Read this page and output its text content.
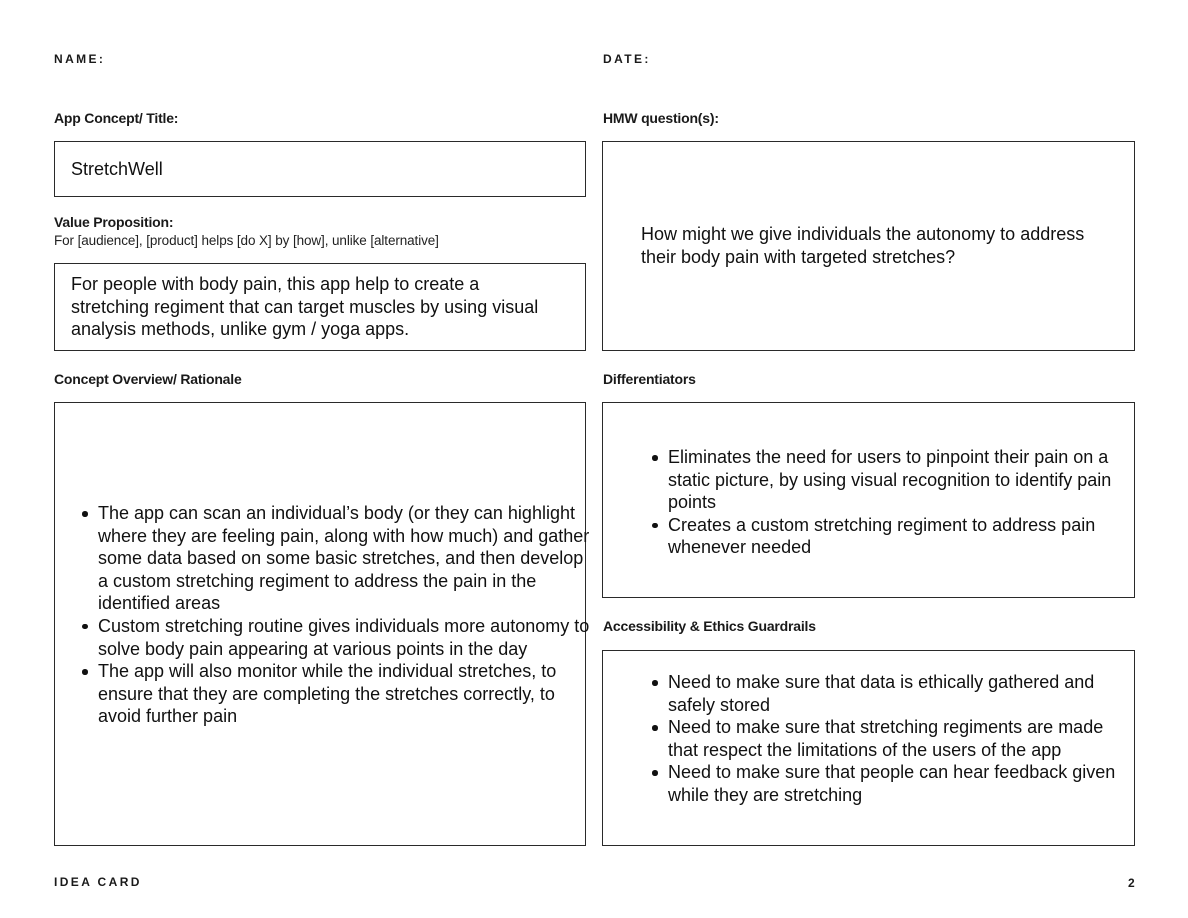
NAME:	DATE:
App Concept/ Title:
StretchWell
HMW question(s):
How might we give individuals the autonomy to address their body pain with targeted stretches?
Value Proposition:
For [audience], [product] helps [do X] by [how], unlike [alternative]
For people with body pain, this app help to create a stretching regiment that can target muscles by using visual analysis methods, unlike gym / yoga apps.
Concept Overview/ Rationale
The app can scan an individual’s body (or they can highlight where they are feeling pain, along with how much) and gather some data based on some basic stretches, and then develop a custom stretching regiment to address the pain in the identified areas
Custom stretching routine gives individuals more autonomy to solve body pain appearing at various points in the day
The app will also monitor while the individual stretches, to ensure that they are completing the stretches correctly, to avoid further pain
Differentiators
Eliminates the need for users to pinpoint their pain on a static picture, by using visual recognition to identify pain points
Creates a custom stretching regiment to address pain whenever needed
Accessibility & Ethics Guardrails
Need to make sure that data is ethically gathered and safely stored
Need to make sure that stretching regiments are made that respect the limitations of the users of the app
Need to make sure that people can hear feedback given while they are stretching
IDEA CARD	2
